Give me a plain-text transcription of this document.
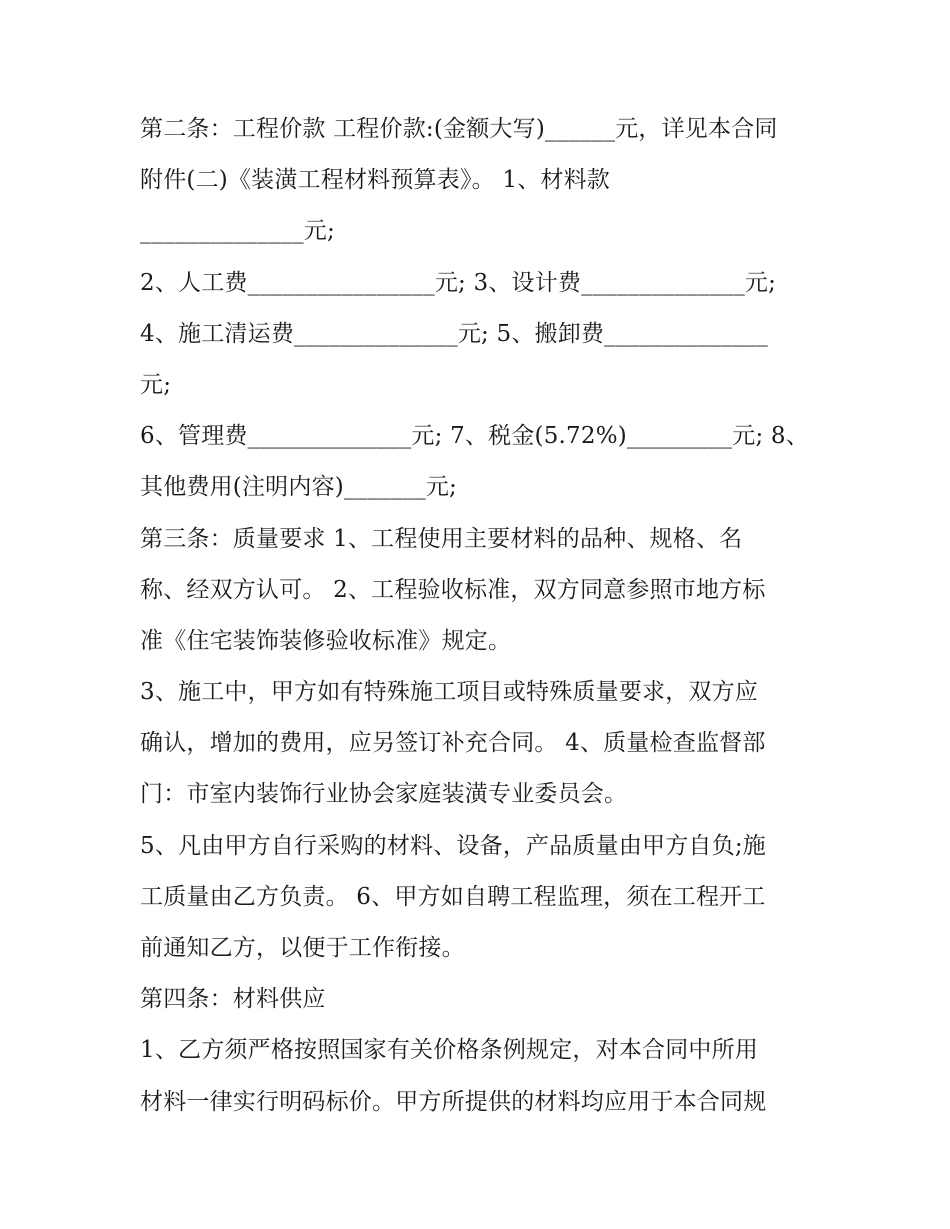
第二条：工程价款 工程价款:(金额大写)______元，详见本合同
附件(二)《装潢工程材料预算表》。 1、材料款
______________元;
2、人工费________________元; 3、设计费______________元;
4、施工清运费______________元; 5、搬卸费______________
元;
6、管理费______________元; 7、税金(5.72%)_________元; 8、
其他费用(注明内容)_______元;
第三条：质量要求 1、工程使用主要材料的品种、规格、名
称、经双方认可。 2、工程验收标准，双方同意参照市地方标
准《住宅装饰装修验收标准》规定。
3、施工中，甲方如有特殊施工项目或特殊质量要求，双方应
确认，增加的费用，应另签订补充合同。 4、质量检查监督部
门：市室内装饰行业协会家庭装潢专业委员会。
5、凡由甲方自行采购的材料、设备，产品质量由甲方自负;施
工质量由乙方负责。 6、甲方如自聘工程监理，须在工程开工
前通知乙方，以便于工作衔接。
第四条：材料供应
1、乙方须严格按照国家有关价格条例规定，对本合同中所用
材料一律实行明码标价。甲方所提供的材料均应用于本合同规
